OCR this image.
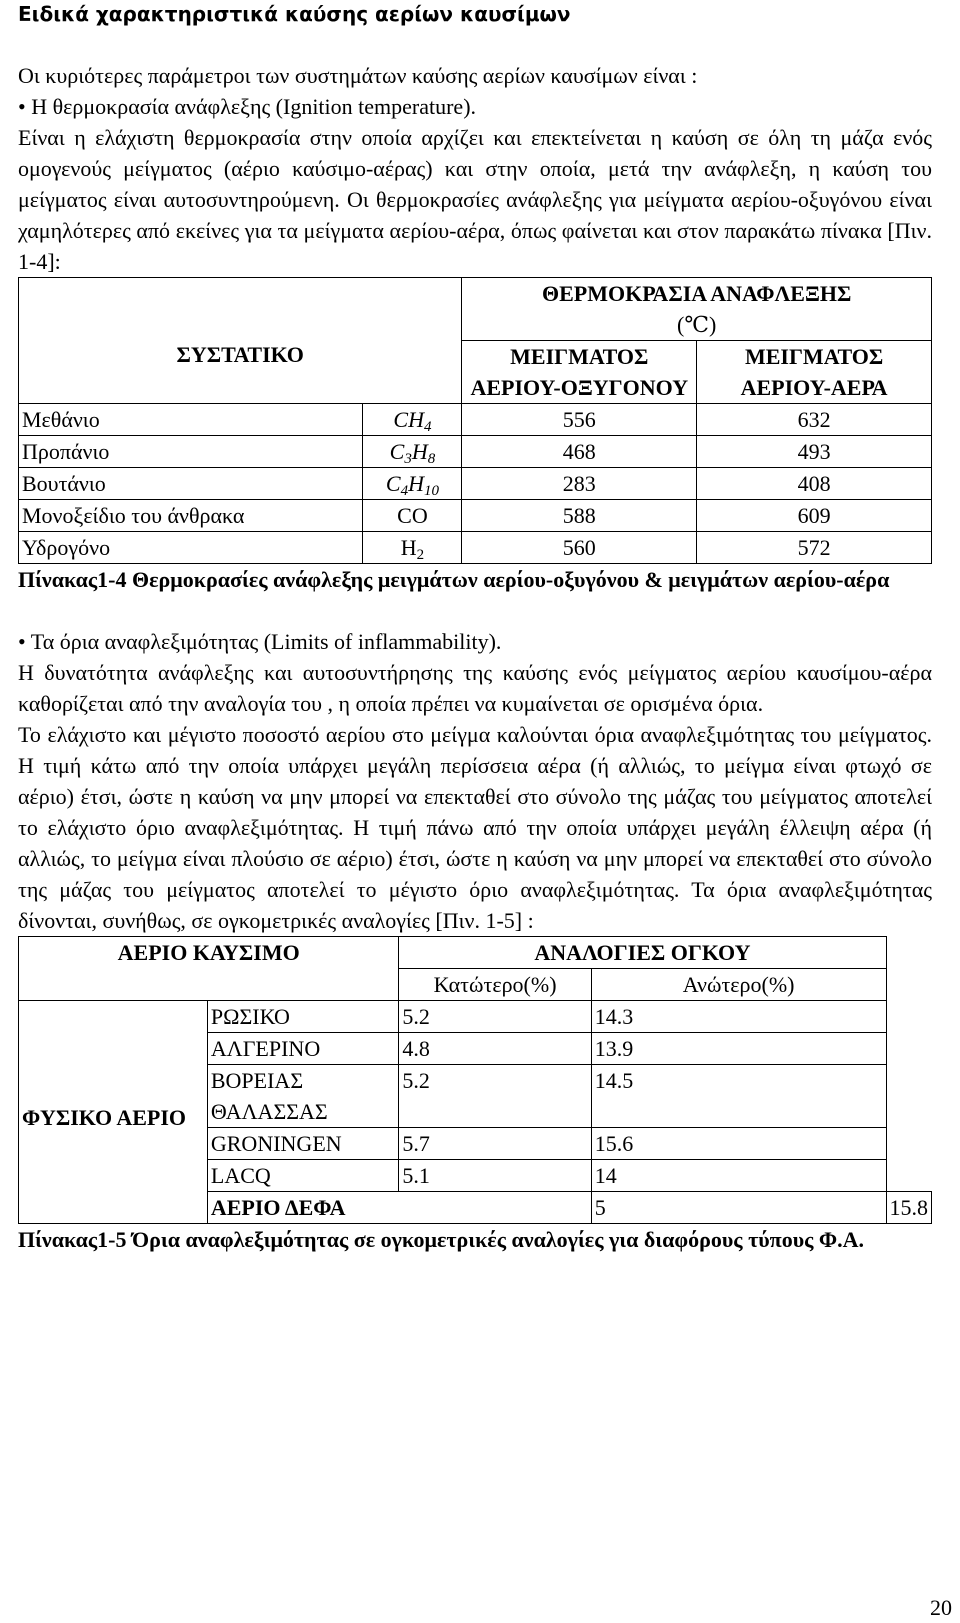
Ειδικά χαρακτηριστικά καύσης αερίων καυσίμων

Οι κυριότερες παράμετροι των συστημάτων καύσης αερίων καυσίμων είναι :

• Η θερμοκρασία ανάφλεξης (Ignition temperature).

Είναι η ελάχιστη θερμοκρασία στην οποία αρχίζει και επεκτείνεται η καύση σε όλη τη μάζα ενός ομογενούς μείγματος (αέριο καύσιμο-αέρας) και στην οποία, μετά την ανάφλεξη, η καύση του μείγματος είναι αυτοσυντηρούμενη. Οι θερμοκρασίες ανάφλεξης για μείγματα αερίου-οξυγόνου είναι χαμηλότερες από εκείνες για τα μείγματα αερίου-αέρα, όπως φαίνεται και στον παρακάτω πίνακα [Πιν. 1-4]:

ΣΥΣΤΑΤΙΚΟ		ΘΕΡΜΟΚΡΑΣΙΑ ΑΝΑΦΛΕΞΗΣ
(℃)	
		ΜΕΙΓΜΑΤΟΣ ΑΕΡΙΟΥ-ΟΞΥΓΟΝΟΥ	ΜΕΙΓΜΑΤΟΣ ΑΕΡΙΟΥ-ΑΕΡΑ
Μεθάνιο	$CH_4$	556	632
Προπάνιο	$C_3H_8$	468	493
Βουτάνιο	$C_4H_{10}$	283	408
Μονοξείδιο του άνθρακα	CO	588	609
Υδρογόνο	$H_2$	560	572

Πίνακας1-4 Θερμοκρασίες ανάφλεξης μειγμάτων αερίου-οξυγόνου & μειγμάτων αερίου-αέρα

• Τα όρια αναφλεξιμότητας (Limits of inflammability).

Η δυνατότητα ανάφλεξης και αυτοσυντήρησης της καύσης ενός μείγματος αερίου καυσίμου-αέρα καθορίζεται από την αναλογία του , η οποία πρέπει να κυμαίνεται σε ορισμένα όρια.

Το ελάχιστο και μέγιστο ποσοστό αερίου στο μείγμα καλούνται όρια αναφλεξιμότητας του μείγματος. Η τιμή κάτω από την οποία υπάρχει μεγάλη περίσσεια αέρα (ή αλλιώς, το μείγμα είναι φτωχό σε αέριο) έτσι, ώστε η καύση να μην μπορεί να επεκταθεί στο σύνολο της μάζας του μείγματος αποτελεί το ελάχιστο όριο αναφλεξιμότητας. Η τιμή πάνω από την οποία υπάρχει μεγάλη έλλειψη αέρα (ή αλλιώς, το μείγμα είναι πλούσιο σε αέριο) έτσι, ώστε η καύση να μην μπορεί να επεκταθεί στο σύνολο της μάζας του μείγματος αποτελεί το μέγιστο όριο αναφλεξιμότητας. Τα όρια αναφλεξιμότητας δίνονται, συνήθως, σε ογκομετρικές αναλογίες [Πιν. 1-5] :

ΑΕΡΙΟ ΚΑΥΣΙΜΟ		ΑΝΑΛΟΓΙΕΣ ΟΓΚΟΥ		
		Κατώτερο(%)	Ανώτερο(%)	
ΦΥΣΙΚΟ ΑΕΡΙΟ	ΡΩΣΙΚΟ	5.2	14.3	
	ΑΛΓΕΡΙΝΟ	4.8	13.9	
	ΒΟΡΕΙΑΣ ΘΑΛΑΣΣΑΣ	5.2	14.5	
	GRONINGEN	5.7	15.6	
	LACQ	5.1	14	
	ΑΕΡΙΟ ΔΕΦΑ		5	15.8

Πίνακας1-5 Όρια αναφλεξιμότητας σε ογκομετρικές αναλογίες για διαφόρους τύπους Φ.Α.

20
